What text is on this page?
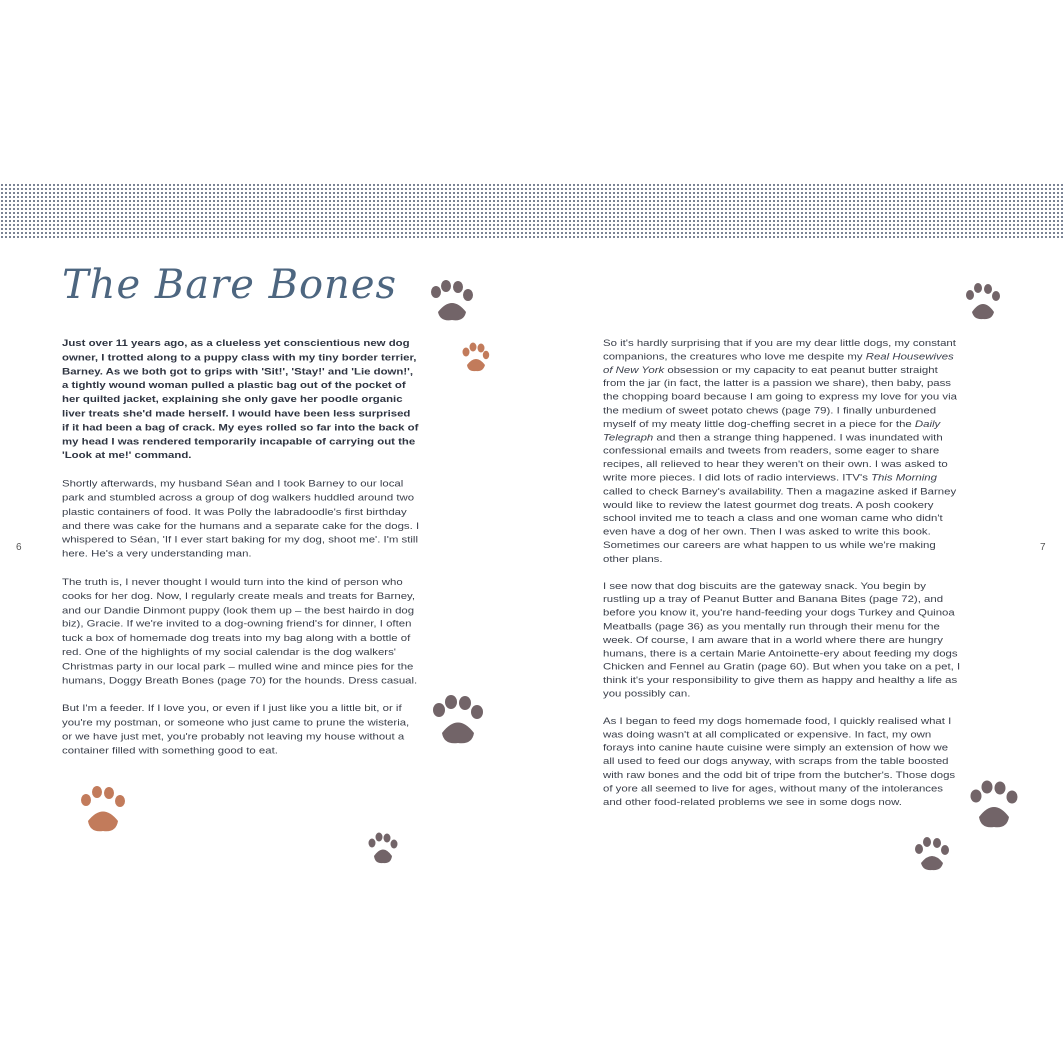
The Bare Bones

Just over 11 years ago, as a clueless yet conscientious new dog owner, I trotted along to a puppy class with my tiny border terrier, Barney. As we both got to grips with 'Sit!', 'Stay!' and 'Lie down!', a tightly wound woman pulled a plastic bag out of the pocket of her quilted jacket, explaining she only gave her poodle organic liver treats she'd made herself. I would have been less surprised if it had been a bag of crack. My eyes rolled so far into the back of my head I was rendered temporarily incapable of carrying out the 'Look at me!' command.

Shortly afterwards, my husband Séan and I took Barney to our local park and stumbled across a group of dog walkers huddled around two plastic containers of food. It was Polly the labradoodle's first birthday and there was cake for the humans and a separate cake for the dogs. I whispered to Séan, 'If I ever start baking for my dog, shoot me'. I'm still here. He's a very understanding man.

The truth is, I never thought I would turn into the kind of person who cooks for her dog. Now, I regularly create meals and treats for Barney, and our Dandie Dinmont puppy (look them up – the best hairdo in dog biz), Gracie. If we're invited to a dog-owning friend's for dinner, I often tuck a box of homemade dog treats into my bag along with a bottle of red. One of the highlights of my social calendar is the dog walkers' Christmas party in our local park – mulled wine and mince pies for the humans, Doggy Breath Bones (page 70) for the hounds. Dress casual.

But I'm a feeder. If I love you, or even if I just like you a little bit, or if you're my postman, or someone who just came to prune the wisteria, or we have just met, you're probably not leaving my house without a container filled with something good to eat.

So it's hardly surprising that if you are my dear little dogs, my constant companions, the creatures who love me despite my Real Housewives of New York obsession or my capacity to eat peanut butter straight from the jar (in fact, the latter is a passion we share), then baby, pass the chopping board because I am going to express my love for you via the medium of sweet potato chews (page 79). I finally unburdened myself of my meaty little dog-cheffing secret in a piece for the Daily Telegraph and then a strange thing happened. I was inundated with confessional emails and tweets from readers, some eager to share recipes, all relieved to hear they weren't on their own. I was asked to write more pieces. I did lots of radio interviews. ITV's This Morning called to check Barney's availability. Then a magazine asked if Barney would like to review the latest gourmet dog treats. A posh cookery school invited me to teach a class and one woman came who didn't even have a dog of her own. Then I was asked to write this book. Sometimes our careers are what happen to us while we're making other plans.

I see now that dog biscuits are the gateway snack. You begin by rustling up a tray of Peanut Butter and Banana Bites (page 72), and before you know it, you're hand-feeding your dogs Turkey and Quinoa Meatballs (page 36) as you mentally run through their menu for the week. Of course, I am aware that in a world where there are hungry humans, there is a certain Marie Antoinette-ery about feeding my dogs Chicken and Fennel au Gratin (page 60). But when you take on a pet, I think it's your responsibility to give them as happy and healthy a life as you possibly can.

As I began to feed my dogs homemade food, I quickly realised what I was doing wasn't at all complicated or expensive. In fact, my own forays into canine haute cuisine were simply an extension of how we all used to feed our dogs anyway, with scraps from the table boosted with raw bones and the odd bit of tripe from the butcher's. Those dogs of yore all seemed to live for ages, without many of the intolerances and other food-related problems we see in some dogs now.

6	7
